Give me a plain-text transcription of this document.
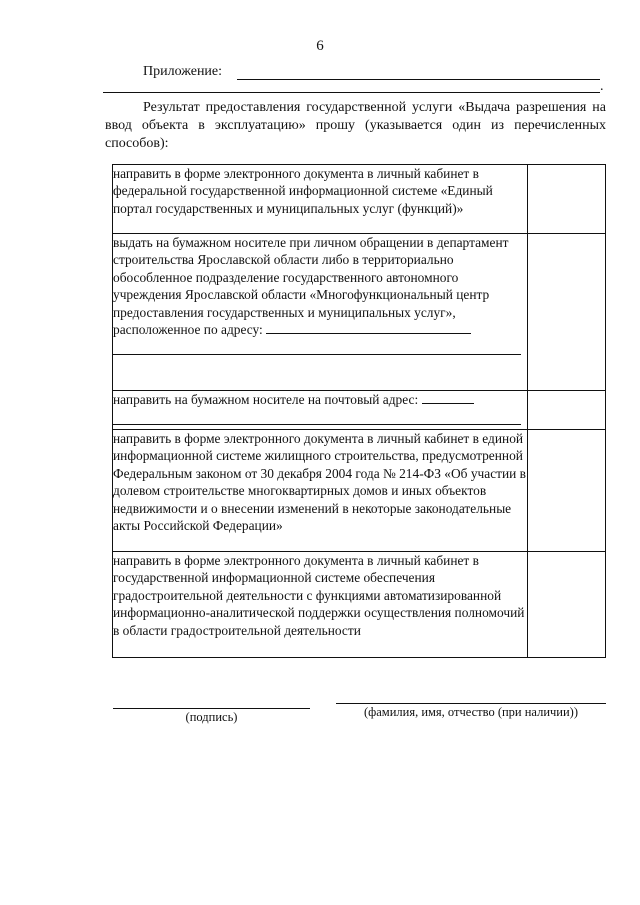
6
Приложение:
.
Результат предоставления государственной услуги «Выдача разрешения на ввод объекта в эксплуатацию» прошу (указывается один из перечисленных способов):
направить в форме электронного документа в личный кабинет в федеральной государственной информационной системе «Единый портал государственных и муниципальных услуг (функций)»	
выдать на бумажном носителе при личном обращении в департамент строительства Ярославской области либо в территориально обособленное подразделение государственного автономного учреждения Ярославской области «Многофункциональный центр предоставления государственных и муниципальных услуг», расположенное по адресу:

направить на бумажном носителе на почтовый адрес:

направить в форме электронного документа в личный кабинет в единой информационной системе жилищного строительства, предусмотренной Федеральным законом от 30 декабря 2004 года № 214-ФЗ «Об участии в долевом строительстве многоквартирных домов и иных объектов недвижимости и о внесении изменений в некоторые законодательные акты Российской Федерации»	
направить в форме электронного документа в личный кабинет в государственной информационной системе обеспечения градостроительной деятельности с функциями автоматизированной информационно-аналитической поддержки осуществления полномочий в области градостроительной деятельности	
(подпись)	(фамилия, имя, отчество (при наличии))
